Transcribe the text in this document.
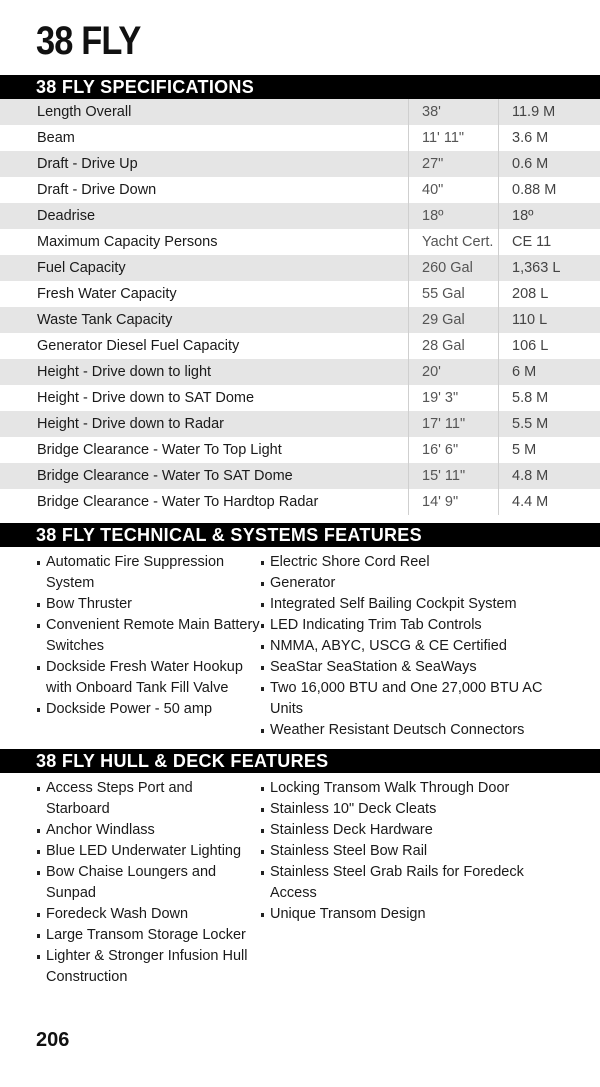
38 FLY
38 FLY SPECIFICATIONS
Length Overall	38'	11.9 M
Beam	11' 11"	3.6 M
Draft - Drive Up	27"	0.6 M
Draft - Drive Down	40"	0.88 M
Deadrise	18º	18º
Maximum Capacity Persons	Yacht Cert.	CE 11
Fuel Capacity	260 Gal	1,363 L
Fresh Water Capacity	55 Gal	208 L
Waste Tank Capacity	29 Gal	110 L
Generator Diesel Fuel Capacity	28 Gal	106 L
Height - Drive down to light	20'	6 M
Height - Drive down to SAT Dome	19' 3"	5.8 M
Height - Drive down to Radar	17' 11"	5.5 M
Bridge Clearance - Water To Top Light	16' 6"	5 M
Bridge Clearance - Water To SAT Dome	15' 11"	4.8 M
Bridge Clearance - Water To Hardtop Radar	14' 9"	4.4 M
38 FLY TECHNICAL & SYSTEMS FEATURES
Automatic Fire Suppression System
Bow Thruster
Convenient Remote Main Battery Switches
Dockside Fresh Water Hookup with Onboard Tank Fill Valve
Dockside Power - 50 amp
Electric Shore Cord Reel
Generator
Integrated Self Bailing Cockpit System
LED Indicating Trim Tab Controls
NMMA, ABYC, USCG & CE Certified
SeaStar SeaStation & SeaWays
Two 16,000 BTU and One 27,000 BTU AC Units
Weather Resistant Deutsch Connectors
38 FLY HULL & DECK FEATURES
Access Steps Port and Starboard
Anchor Windlass
Blue LED Underwater Lighting
Bow Chaise Loungers and Sunpad
Foredeck Wash Down
Large Transom Storage Locker
Lighter & Stronger Infusion Hull Construction
Locking Transom Walk Through Door
Stainless 10" Deck Cleats
Stainless Deck Hardware
Stainless Steel Bow Rail
Stainless Steel Grab Rails for Foredeck Access
Unique Transom Design
206
